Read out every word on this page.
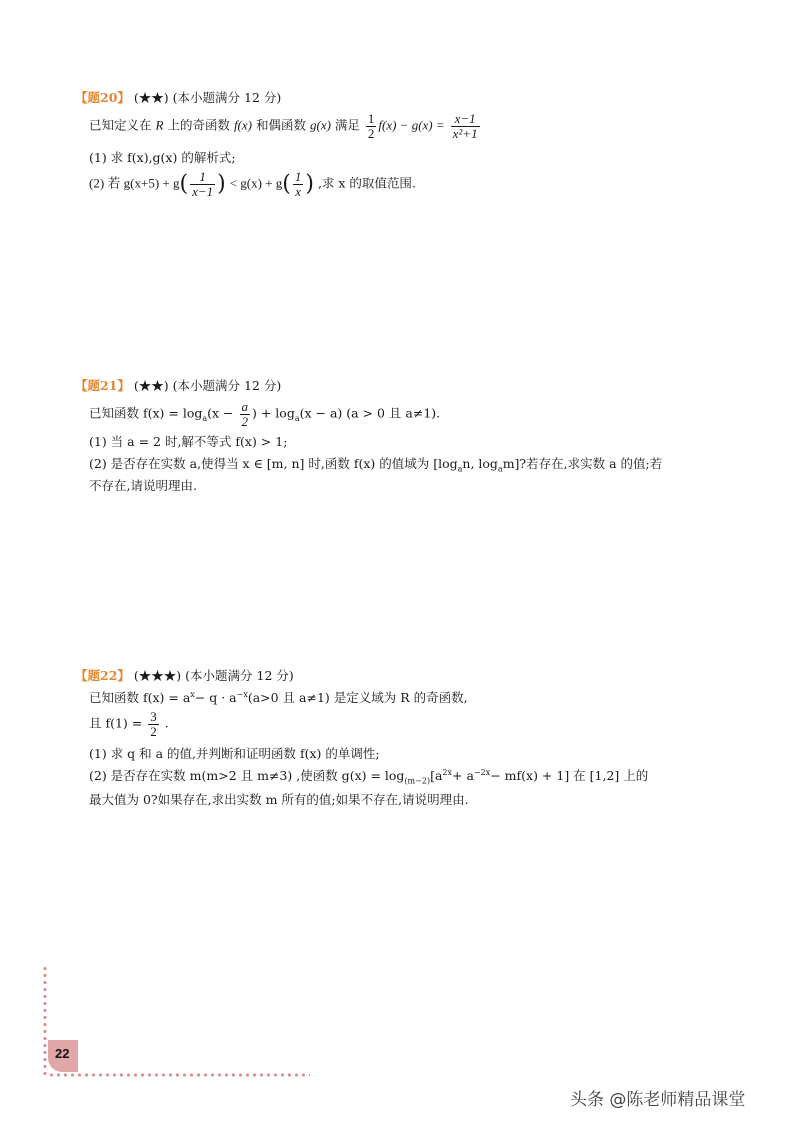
【题20】 (★★) (本小题满分 12 分)
已知定义在 R 上的奇函数 f(x) 和偶函数 g(x) 满足 $\frac{1}{2} f(x) - g(x) = \frac{x-1}{\text{x²+1}}$
(1) 求 f(x),g(x) 的解析式;
(2) 若 $g(x+5) + g( \frac{1}{x-1}$ ) < $g(x) + g( \frac{1}{x}$ ) ,求 x 的取值范围.
【题21】 (★★) (本小题满分 12 分)
已知函数 $f(x) = \log_a(x - \frac{a}{2}$ ) + $\log_a(x - a) (a > 0$ 且 a≠1).
(1) 当 a = 2 时,解不等式 f(x) > 1;
(2) 是否存在实数 a,使得当 x ∈ [m, n] 时,函数 f(x) 的值域为 [$\log_an$, $\log_am$]?若存在,求实数 a 的值;若
不存在,请说明理由.
【题22】 (★★★) (本小题满分 12 分)
已知函数 $f(x) = a^x- q \cdot a^{-x}(a>0$ 且 a≠1) 是定义域为 R 的奇函数,
且 $f(1) = \frac{3}{2}$ .
(1) 求 q 和 a 的值,并判断和证明函数 f(x) 的单调性;
(2) 是否存在实数 m(m>2 且 m≠3) ,使函数 $g(x) = \log_{(m-2)}[a^{2x}+ a^{-2x}- mf(x) + 1]$ 在 [1,2] 上的
最大值为 0?如果存在,求出实数 m 所有的值;如果不存在,请说明理由.
22
头条 @陈老师精品课堂
